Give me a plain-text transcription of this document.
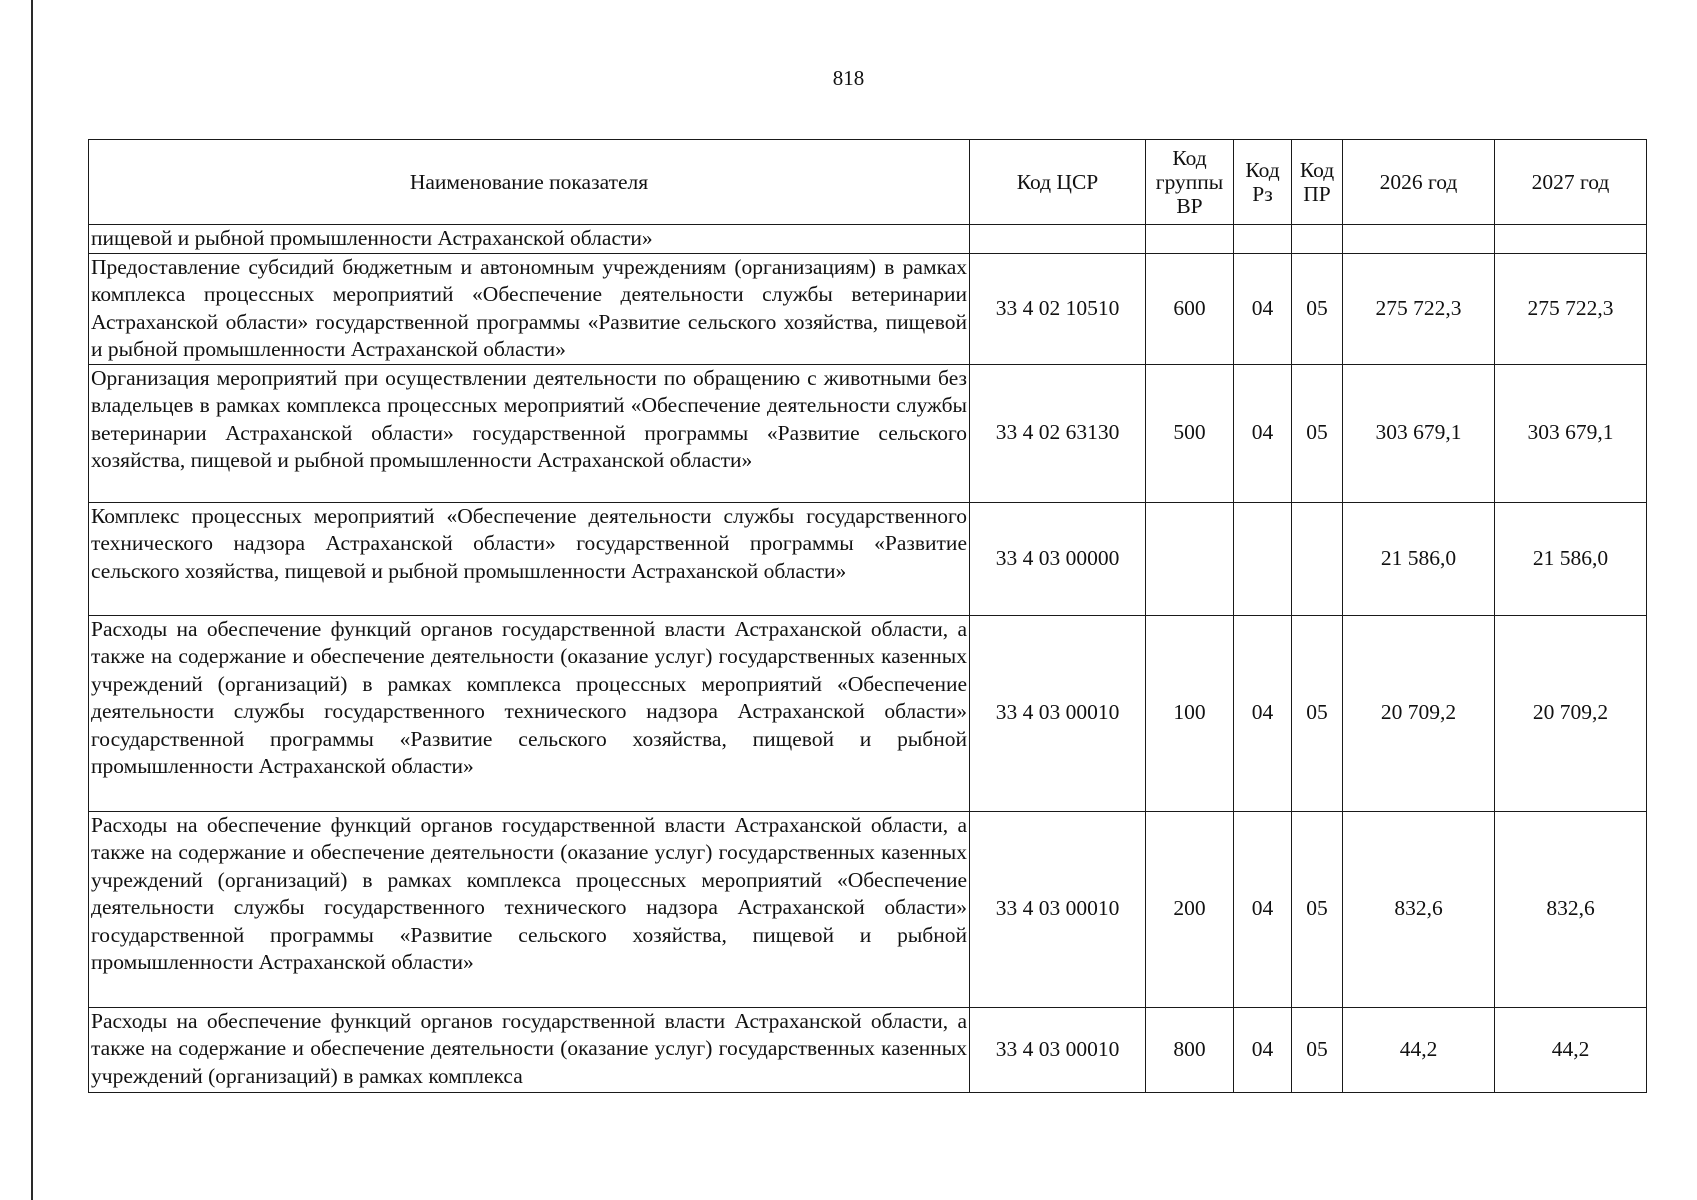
818
Наименование показателя	Код ЦСР	Код группы ВР	Код Рз	Код ПР	2026 год	2027 год
пищевой и рыбной промышленности Астраханской области»						
Предоставление субсидий бюджетным и автономным учреждениям (организациям) в рамках комплекса процессных мероприятий «Обеспечение деятельности службы ветеринарии Астраханской области» государственной программы «Развитие сельского хозяйства, пищевой и рыбной промышленности Астраханской области»	33 4 02 10510	600	04	05	275 722,3	275 722,3
Организация мероприятий при осуществлении деятельности по обращению с животными без владельцев в рамках комплекса процессных мероприятий «Обеспечение деятельности службы ветеринарии Астраханской области» государственной программы «Развитие сельского хозяйства, пищевой и рыбной промышленности Астраханской области»	33 4 02 63130	500	04	05	303 679,1	303 679,1
Комплекс процессных мероприятий «Обеспечение деятельности службы государственного технического надзора Астраханской области» государственной программы «Развитие сельского хозяйства, пищевой и рыбной промышленности Астраханской области»	33 4 03 00000				21 586,0	21 586,0
Расходы на обеспечение функций органов государственной власти Астраханской области, а также на содержание и обеспечение деятельности (оказание услуг) государственных казенных учреждений (организаций) в рамках комплекса процессных мероприятий «Обеспечение деятельности службы государственного технического надзора Астраханской области» государственной программы «Развитие сельского хозяйства, пищевой и рыбной промышленности Астраханской области»	33 4 03 00010	100	04	05	20 709,2	20 709,2
Расходы на обеспечение функций органов государственной власти Астраханской области, а также на содержание и обеспечение деятельности (оказание услуг) государственных казенных учреждений (организаций) в рамках комплекса процессных мероприятий «Обеспечение деятельности службы государственного технического надзора Астраханской области» государственной программы «Развитие сельского хозяйства, пищевой и рыбной промышленности Астраханской области»	33 4 03 00010	200	04	05	832,6	832,6

Расходы на обеспечение функций органов государственной власти Астраханской области, а также на содержание и обеспечение деятельности (оказание услуг) государственных казенных учреждений (организаций) в рамках комплекса	33 4 03 00010	800	04	05	44,2	44,2
